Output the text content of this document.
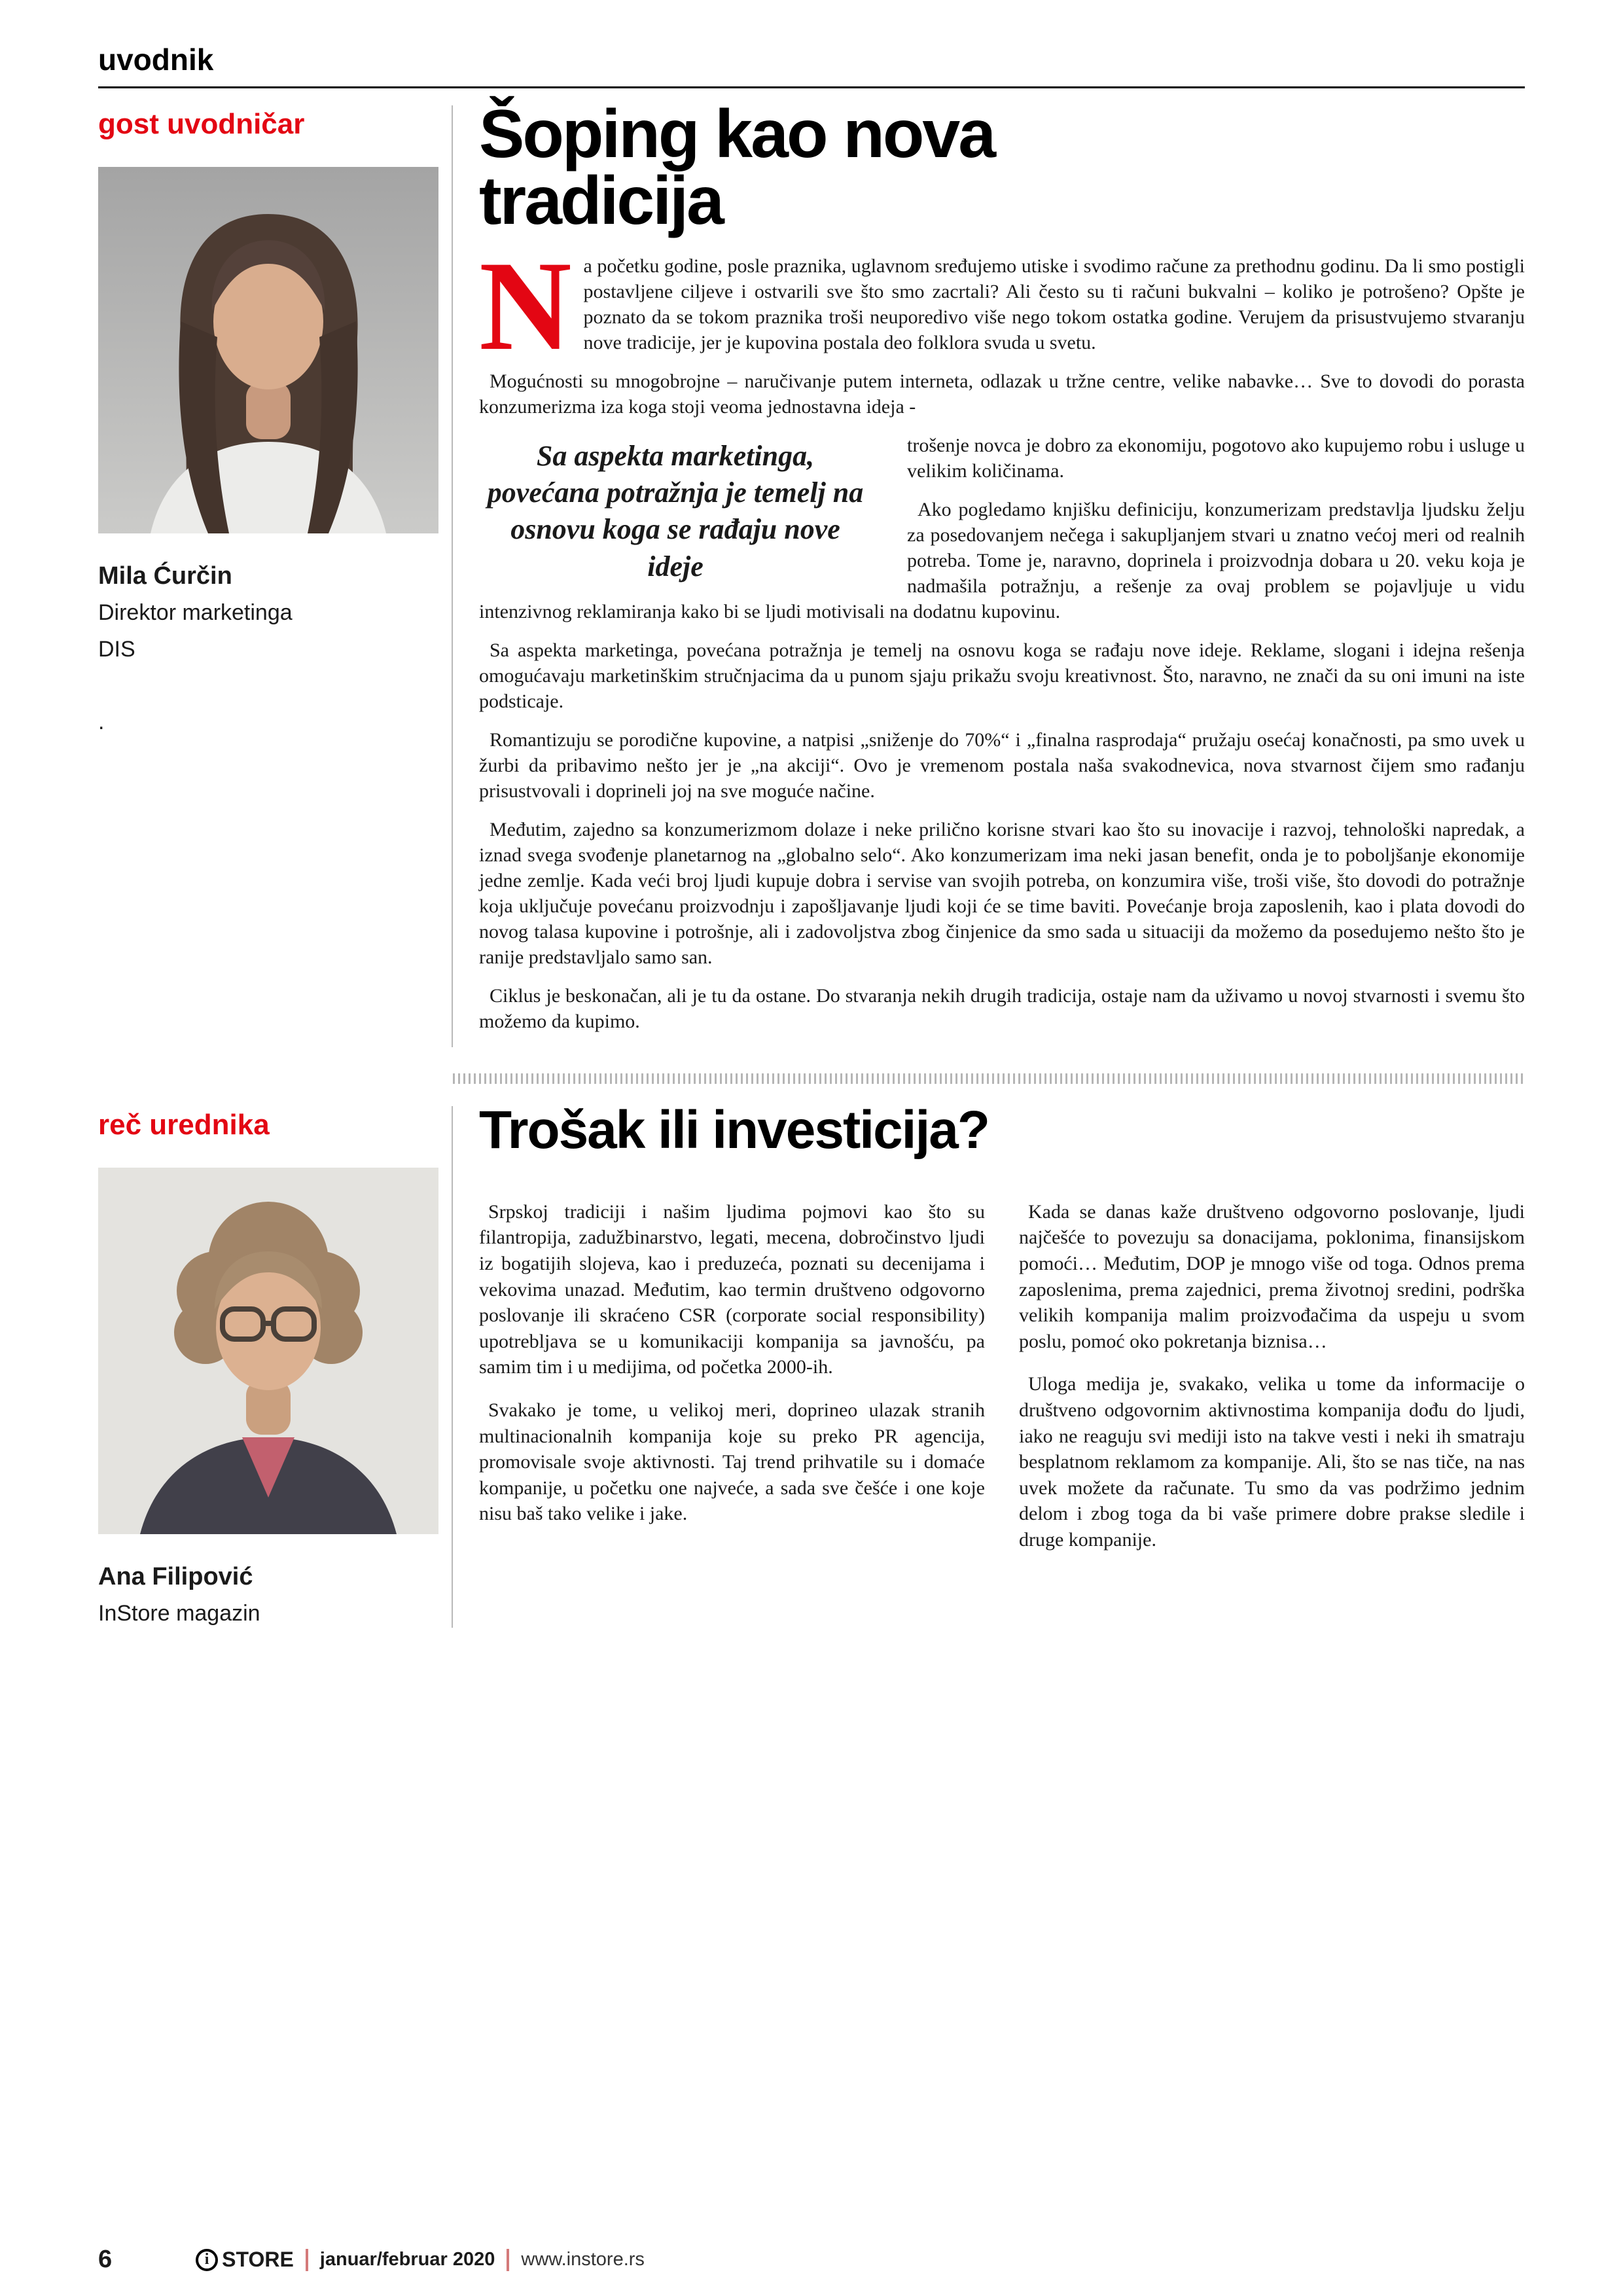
uvodnik
gost uvodničar
Mila Ćurčin
Direktor marketinga
DIS
.
Šoping kao nova
tradicija

Na početku godine, posle praznika, uglavnom sređujemo utiske i svodimo račune za prethodnu godinu. Da li smo postigli postavljene ciljeve i ostvarili sve što smo zacrtali? Ali često su ti računi bukvalni – koliko je potrošeno? Opšte je poznato da se tokom praznika troši neuporedivo više nego tokom ostatka godine. Verujem da prisustvujemo stvaranju nove tradicije, jer je kupovina postala deo folklora svuda u svetu.

Mogućnosti su mnogobrojne – naručivanje putem interneta, odlazak u tržne centre, velike nabavke… Sve to dovodi do porasta konzumerizma iza koga stoji veoma jednostavna ideja -

Sa aspekta marketinga, povećana potražnja je temelj na osnovu koga se rađaju nove ideje

trošenje novca je dobro za ekonomiju, pogotovo ako kupujemo robu i usluge u velikim količinama.

Ako pogledamo knjišku definiciju, konzumerizam predstavlja ljudsku želju za posedovanjem nečega i sakupljanjem stvari u znatno većoj meri od realnih potreba. Tome je, naravno, doprinela i proizvodnja dobara u 20. veku koja je nadmašila potražnju, a rešenje za ovaj problem se pojavljuje u vidu intenzivnog reklamiranja kako bi se ljudi motivisali na dodatnu kupovinu.

Sa aspekta marketinga, povećana potražnja je temelj na osnovu koga se rađaju nove ideje. Reklame, slogani i idejna rešenja omogućavaju marketinškim stručnjacima da u punom sjaju prikažu svoju kreativnost. Što, naravno, ne znači da su oni imuni na iste podsticaje.

Romantizuju se porodične kupovine, a natpisi „sniženje do 70%“ i „finalna rasprodaja“ pružaju osećaj konačnosti, pa smo uvek u žurbi da pribavimo nešto jer je „na akciji“. Ovo je vremenom postala naša svakodnevica, nova stvarnost čijem smo rađanju prisustvovali i doprineli joj na sve moguće načine.

Međutim, zajedno sa konzumerizmom dolaze i neke prilično korisne stvari kao što su inovacije i razvoj, tehnološki napredak, a iznad svega svođenje planetarnog na „globalno selo“. Ako konzumerizam ima neki jasan benefit, onda je to poboljšanje ekonomije jedne zemlje. Kada veći broj ljudi kupuje dobra i servise van svojih potreba, on konzumira više, troši više, što dovodi do potražnje koja uključuje povećanu proizvodnju i zapošljavanje ljudi koji će se time baviti. Povećanje broja zaposlenih, kao i plata dovodi do novog talasa kupovine i potrošnje, ali i zadovoljstva zbog činjenice da smo sada u situaciji da možemo da posedujemo nešto što je ranije predstavljalo samo san.

Ciklus je beskonačan, ali je tu da ostane. Do stvaranja nekih drugih tradicija, ostaje nam da uživamo u novoj stvarnosti i svemu što možemo da kupimo.

reč urednika
Ana Filipović
InStore magazin
Trošak ili investicija?

Srpskoj tradiciji i našim ljudima pojmovi kao što su filantropija, zadužbinarstvo, legati, mecena, dobročinstvo ljudi iz bogatijih slojeva, kao i preduzeća, poznati su decenijama i vekovima unazad. Međutim, kao termin društveno odgovorno poslovanje ili skraćeno CSR (corporate social responsibility) upotrebljava se u komunikaciji kompanija sa javnošću, pa samim tim i u medijima, od početka 2000-ih.

Svakako je tome, u velikoj meri, doprineo ulazak stranih multinacionalnih kompanija koje su preko PR agencija, promovisale svoje aktivnosti. Taj trend prihvatile su i domaće kompanije, u početku one najveće, a sada sve češće i one koje nisu baš tako velike i jake.

Kada se danas kaže društveno odgovorno poslovanje, ljudi najčešće to povezuju sa donacijama, poklonima, finansijskom pomoći… Međutim, DOP je mnogo više od toga. Odnos prema zaposlenima, prema zajednici, prema životnoj sredini, podrška velikih kompanija malim proizvođačima da uspeju u svom poslu, pomoć oko pokretanja biznisa…

Uloga medija je, svakako, velika u tome da informacije o društveno odgovornim aktivnostima kompanija dođu do ljudi, iako ne reaguju svi mediji isto na takve vesti i neki ih smatraju besplatnom reklamom za kompanije. Ali, što se nas tiče, na nas uvek možete da računate. Tu smo da vas podržimo jednim delom i zbog toga da bi vaše primere dobre prakse sledile i druge kompanije.

6	i STORE januar/februar 2020 www.instore.rs
